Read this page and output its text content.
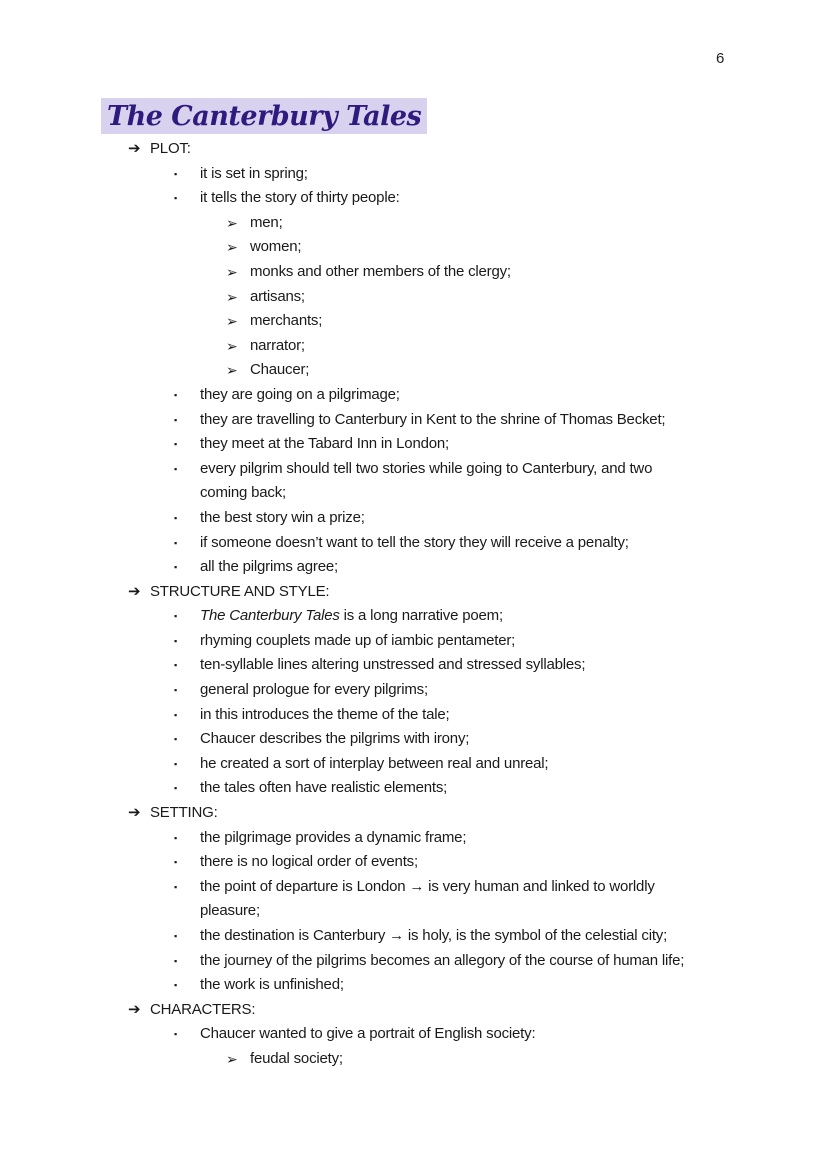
6
The Canterbury Tales
➔ PLOT:
▪ it is set in spring;
▪ it tells the story of thirty people:
➢ men;
➢ women;
➢ monks and other members of the clergy;
➢ artisans;
➢ merchants;
➢ narrator;
➢ Chaucer;
▪ they are going on a pilgrimage;
▪ they are travelling to Canterbury in Kent to the shrine of Thomas Becket;
▪ they meet at the Tabard Inn in London;
▪ every pilgrim should tell two stories while going to Canterbury, and two
coming back;
▪ the best story win a prize;
▪ if someone doesn’t want to tell the story they will receive a penalty;
▪ all the pilgrims agree;
➔ STRUCTURE AND STYLE:
▪ The Canterbury Tales is a long narrative poem;
▪ rhyming couplets made up of iambic pentameter;
▪ ten-syllable lines altering unstressed and stressed syllables;
▪ general prologue for every pilgrims;
▪ in this introduces the theme of the tale;
▪ Chaucer describes the pilgrims with irony;
▪ he created a sort of interplay between real and unreal;
▪ the tales often have realistic elements;
➔ SETTING:
▪ the pilgrimage provides a dynamic frame;
▪ there is no logical order of events;
▪ the point of departure is London → is very human and linked to worldly
pleasure;
▪ the destination is Canterbury → is holy, is the symbol of the celestial city;
▪ the journey of the pilgrims becomes an allegory of the course of human life;
▪ the work is unfinished;
➔ CHARACTERS:
▪ Chaucer wanted to give a portrait of English society:
➢ feudal society;
